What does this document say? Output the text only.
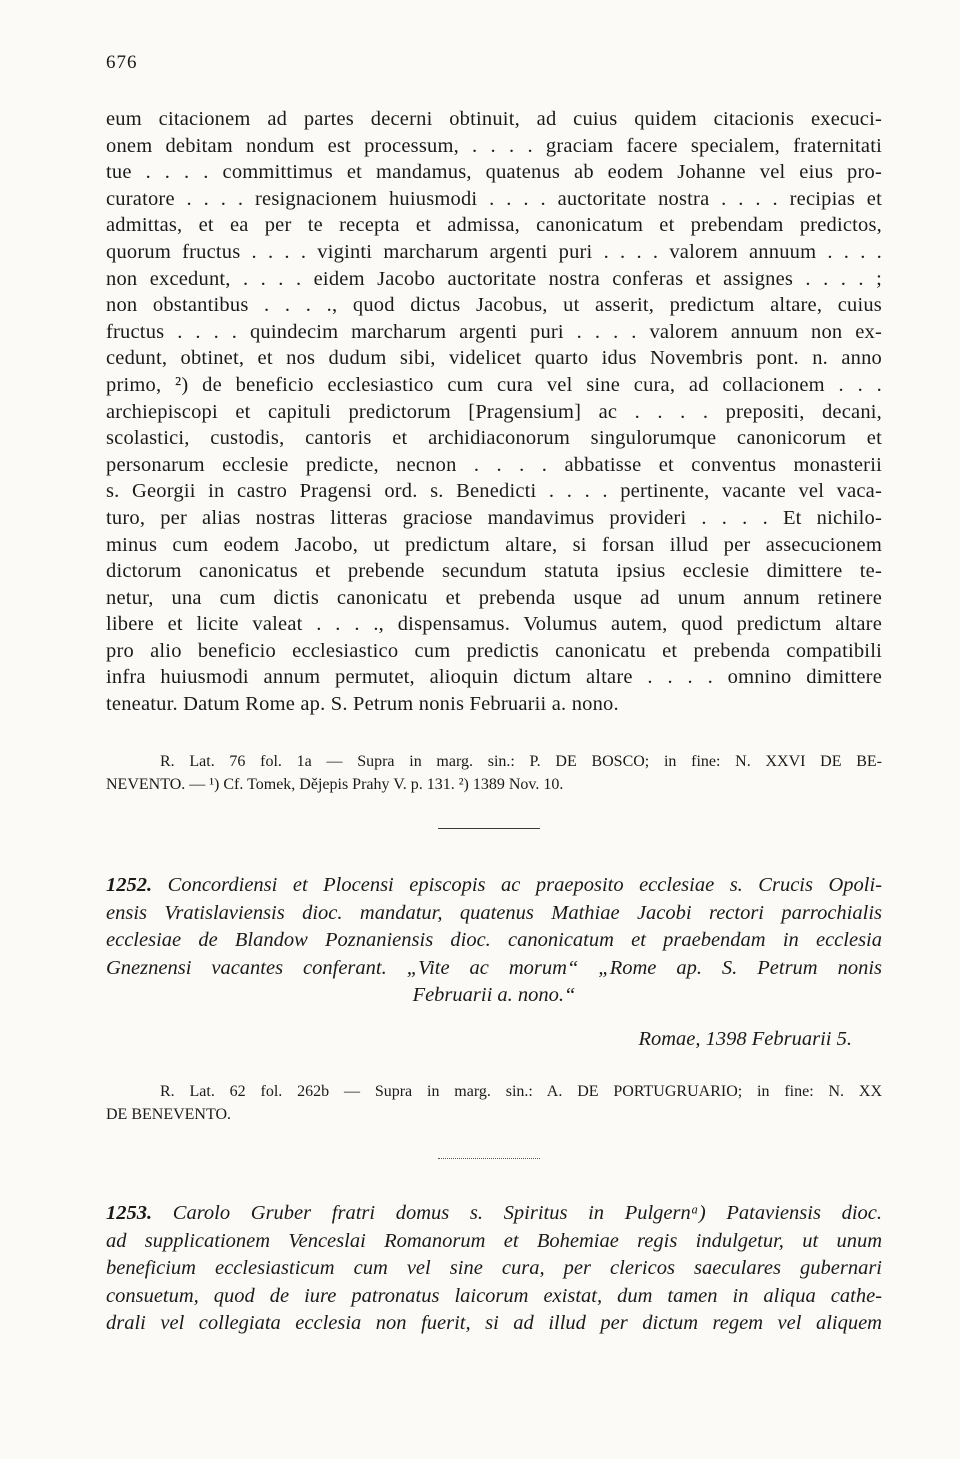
676
eum citacionem ad partes decerni obtinuit, ad cuius quidem citacionis execuci-
onem debitam nondum est processum, . . . . graciam facere specialem, fraternitati
tue . . . . committimus et mandamus, quatenus ab eodem Johanne vel eius pro-
curatore . . . . resignacionem huiusmodi . . . . auctoritate nostra . . . . recipias et
admittas, et ea per te recepta et admissa, canonicatum et prebendam predictos,
quorum fructus . . . . viginti marcharum argenti puri . . . . valorem annuum . . . .
non excedunt, . . . . eidem Jacobo auctoritate nostra conferas et assignes . . . . ;
non obstantibus . . . ., quod dictus Jacobus, ut asserit, predictum altare, cuius
fructus . . . . quindecim marcharum argenti puri . . . . valorem annuum non ex-
cedunt, obtinet, et nos dudum sibi, videlicet quarto idus Novembris pont. n. anno
primo, ²) de beneficio ecclesiastico cum cura vel sine cura, ad collacionem . . .
archiepiscopi et capituli predictorum [Pragensium] ac . . . . prepositi, decani,
scolastici, custodis, cantoris et archidiaconorum singulorumque canonicorum et
personarum ecclesie predicte, necnon . . . . abbatisse et conventus monasterii
s. Georgii in castro Pragensi ord. s. Benedicti . . . . pertinente, vacante vel vaca-
turo, per alias nostras litteras graciose mandavimus provideri . . . . Et nichilo-
minus cum eodem Jacobo, ut predictum altare, si forsan illud per assecucionem
dictorum canonicatus et prebende secundum statuta ipsius ecclesie dimittere te-
netur, una cum dictis canonicatu et prebenda usque ad unum annum retinere
libere et licite valeat . . . ., dispensamus. Volumus autem, quod predictum altare
pro alio beneficio ecclesiastico cum predictis canonicatu et prebenda compatibili
infra huiusmodi annum permutet, alioquin dictum altare . . . . omnino dimittere
teneatur. Datum Rome ap. S. Petrum nonis Februarii a. nono.
R. Lat. 76 fol. 1a — Supra in marg. sin.: P. DE BOSCO; in fine: N. XXVI DE BE-
NEVENTO. — ¹) Cf. Tomek, Dějepis Prahy V. p. 131. ²) 1389 Nov. 10.
1252. Concordiensi et Plocensi episcopis ac praeposito ecclesiae s. Crucis Opoli-
ensis Vratislaviensis dioc. mandatur, quatenus Mathiae Jacobi rectori parrochialis
ecclesiae de Blandow Poznaniensis dioc. canonicatum et praebendam in ecclesia
Gneznensi vacantes conferant. „Vite ac morum“ „Rome ap. S. Petrum nonis
Februarii a. nono.“
Romae, 1398 Februarii 5.
R. Lat. 62 fol. 262b — Supra in marg. sin.: A. DE PORTUGRUARIO; in fine: N. XX
DE BENEVENTO.
1253. Carolo Gruber fratri domus s. Spiritus in Pulgernᵃ) Pataviensis dioc.
ad supplicationem Venceslai Romanorum et Bohemiae regis indulgetur, ut unum
beneficium ecclesiasticum cum vel sine cura, per clericos saeculares gubernari
consuetum, quod de iure patronatus laicorum existat, dum tamen in aliqua cathe-
drali vel collegiata ecclesia non fuerit, si ad illud per dictum regem vel aliquem
